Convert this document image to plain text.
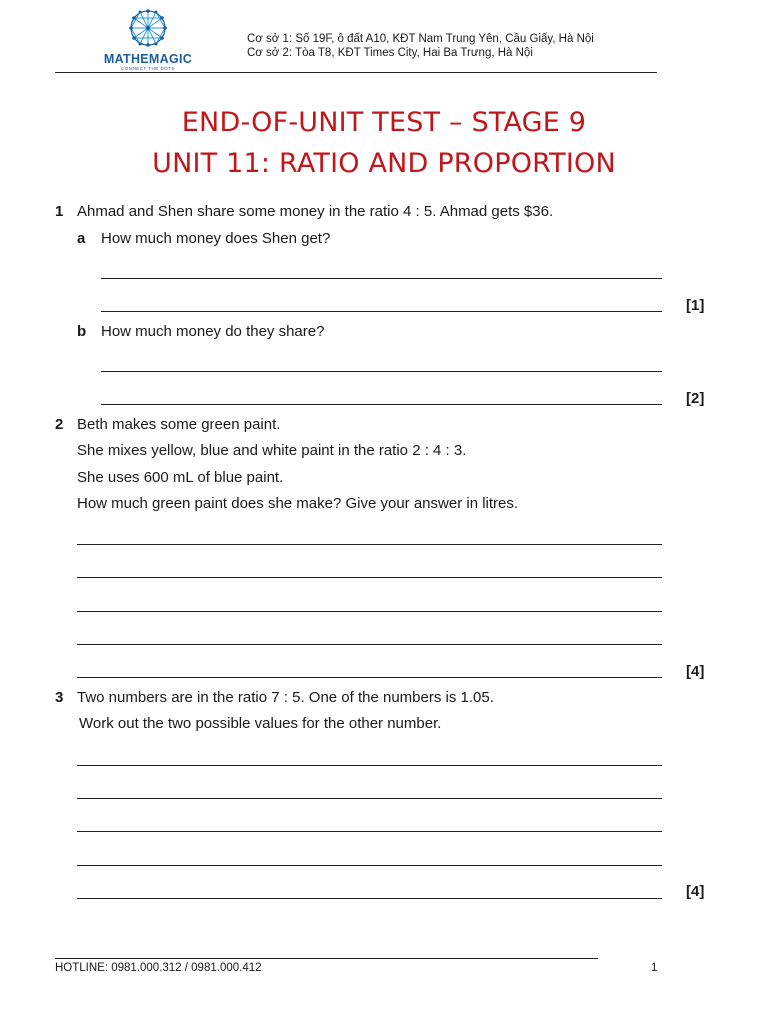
MATHEMAGIC
CONNECT THE DOTS
Cơ sở 1: Số 19F, ô đất A10, KĐT Nam Trung Yên, Cầu Giấy, Hà Nội
Cơ sở 2: Tòa T8, KĐT Times City, Hai Ba Trưng, Hà Nội
END-OF-UNIT TEST – STAGE 9
UNIT 11: RATIO AND PROPORTION
1 Ahmad and Shen share some money in the ratio 4 : 5. Ahmad gets $36.
a How much money does Shen get?
[1]
b How much money do they share?
[2]
2 Beth makes some green paint.
She mixes yellow, blue and white paint in the ratio 2 : 4 : 3.
She uses 600 mL of blue paint.
How much green paint does she make? Give your answer in litres.
[4]
3 Two numbers are in the ratio 7 : 5. One of the numbers is 1.05.
Work out the two possible values for the other number.
[4]
HOTLINE: 0981.000.312 / 0981.000.412	1
